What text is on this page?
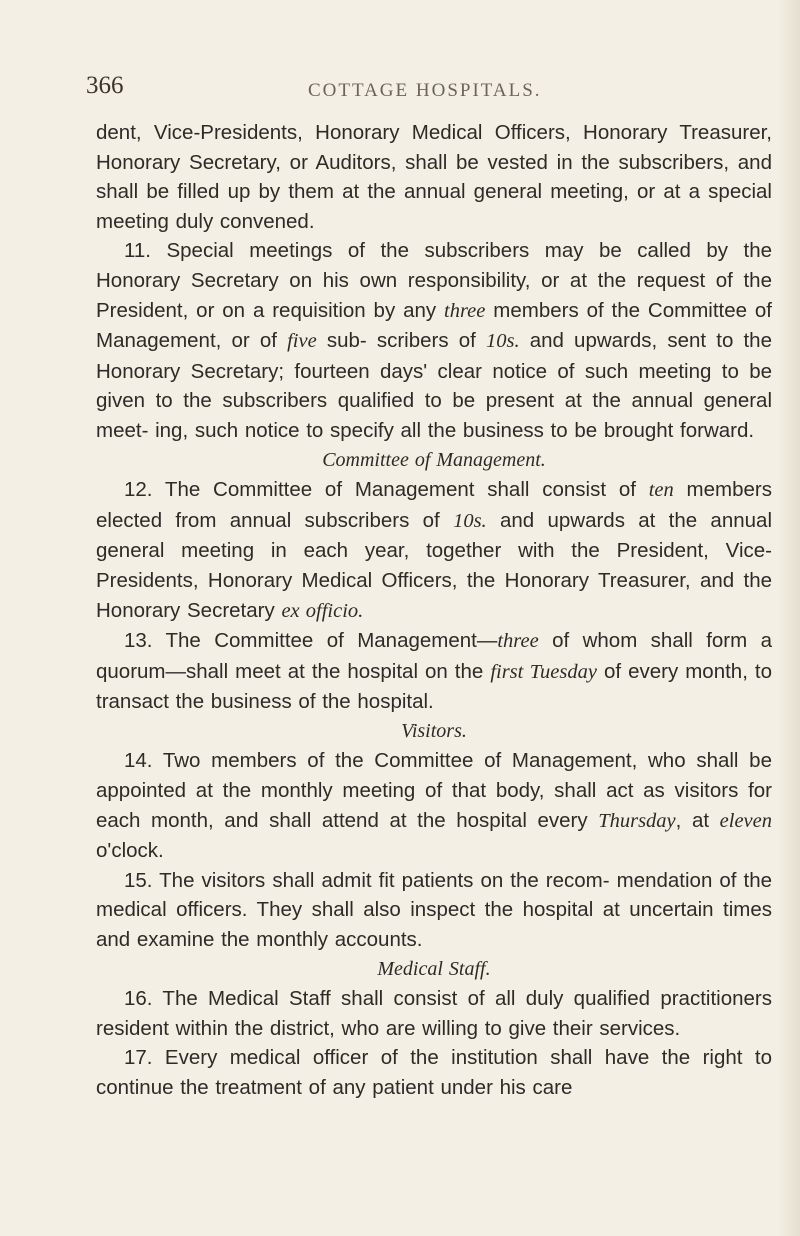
366	COTTAGE HOSPITALS.

dent, Vice-Presidents, Honorary Medical Officers, Honorary Treasurer, Honorary Secretary, or Auditors, shall be vested in the subscribers, and shall be filled up by them at the annual general meeting, or at a special meeting duly convened.

11. Special meetings of the subscribers may be called by the Honorary Secretary on his own responsibility, or at the request of the President, or on a requisition by any three members of the Committee of Management, or of five sub- scribers of 10s. and upwards, sent to the Honorary Secretary; fourteen days' clear notice of such meeting to be given to the subscribers qualified to be present at the annual general meet- ing, such notice to specify all the business to be brought forward.

Committee of Management.

12. The Committee of Management shall consist of ten members elected from annual subscribers of 10s. and upwards at the annual general meeting in each year, together with the President, Vice-Presidents, Honorary Medical Officers, the Honorary Treasurer, and the Honorary Secretary ex officio.

13. The Committee of Management—three of whom shall form a quorum—shall meet at the hospital on the first Tuesday of every month, to transact the business of the hospital.

Visitors.

14. Two members of the Committee of Management, who shall be appointed at the monthly meeting of that body, shall act as visitors for each month, and shall attend at the hospital every Thursday, at eleven o'clock.

15. The visitors shall admit fit patients on the recom- mendation of the medical officers. They shall also inspect the hospital at uncertain times and examine the monthly accounts.

Medical Staff.

16. The Medical Staff shall consist of all duly qualified practitioners resident within the district, who are willing to give their services.

17. Every medical officer of the institution shall have the right to continue the treatment of any patient under his care
